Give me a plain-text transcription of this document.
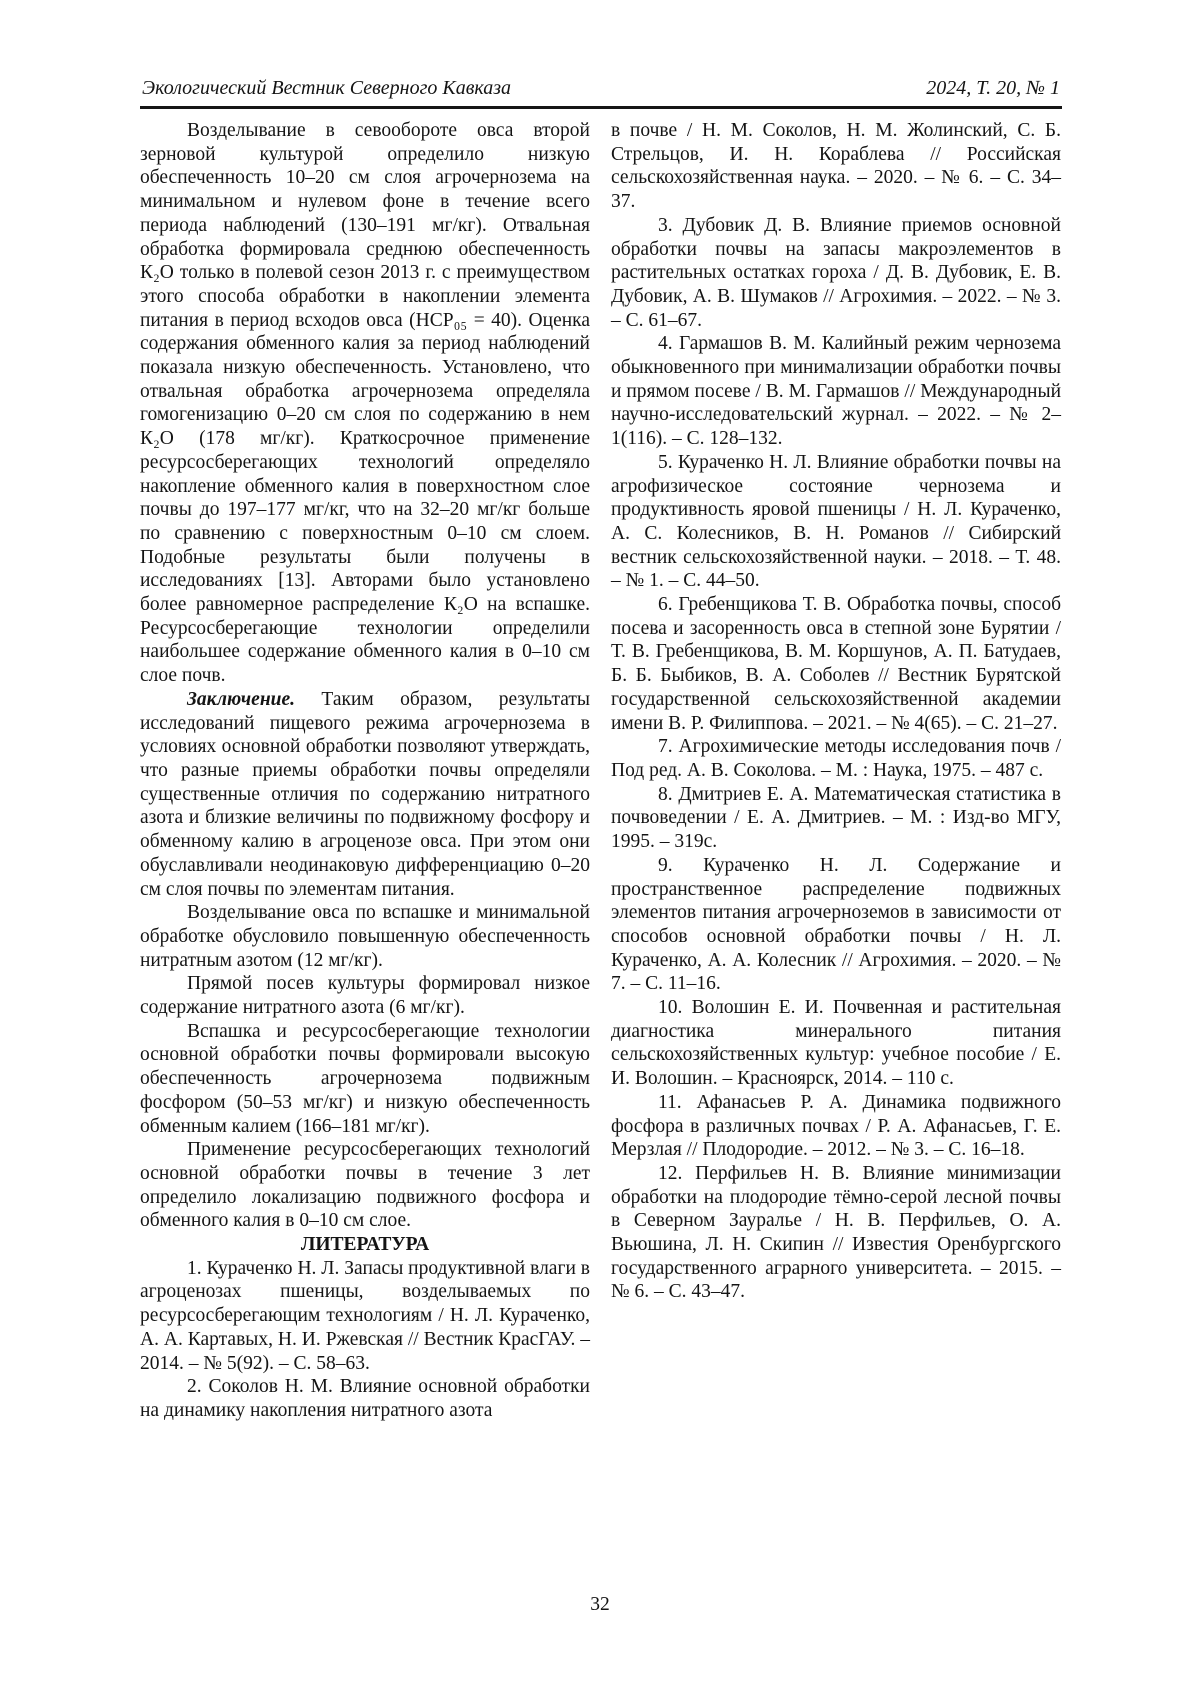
Экологический Вестник Северного Кавказа	2024, Т. 20, № 1

Возделывание в севообороте овса второй зерновой культурой определило низкую обеспеченность 10–20 см слоя агрочернозема на минимальном и нулевом фоне в течение всего периода наблюдений (130–191 мг/кг). Отвальная обработка формировала среднюю обеспеченность К₂О только в полевой сезон 2013 г. с преимуществом этого способа обработки в накоплении элемента питания в период всходов овса (НСР₀₅ = 40). Оценка содержания обменного калия за период наблюдений показала низкую обеспеченность. Установлено, что отвальная обработка агрочернозема определяла гомогенизацию 0–20 см слоя по содержанию в нем К₂О (178 мг/кг). Краткосрочное применение ресурсосберегающих технологий определяло накопление обменного калия в поверхностном слое почвы до 197–177 мг/кг, что на 32–20 мг/кг больше по сравнению с поверхностным 0–10 см слоем. Подобные результаты были получены в исследованиях [13]. Авторами было установлено более равномерное распределение К₂О на вспашке. Ресурсосберегающие технологии определили наибольшее содержание обменного калия в 0–10 см слое почв.

Заключение. Таким образом, результаты исследований пищевого режима агрочернозема в условиях основной обработки позволяют утверждать, что разные приемы обработки почвы определяли существенные отличия по содержанию нитратного азота и близкие величины по подвижному фосфору и обменному калию в агроценозе овса. При этом они обуславливали неодинаковую дифференциацию 0–20 см слоя почвы по элементам питания.

Возделывание овса по вспашке и минимальной обработке обусловило повышенную обеспеченность нитратным азотом (12 мг/кг).

Прямой посев культуры формировал низкое содержание нитратного азота (6 мг/кг).

Вспашка и ресурсосберегающие технологии основной обработки почвы формировали высокую обеспеченность агрочернозема подвижным фосфором (50–53 мг/кг) и низкую обеспеченность обменным калием (166–181 мг/кг).

Применение ресурсосберегающих технологий основной обработки почвы в течение 3 лет определило локализацию подвижного фосфора и обменного калия в 0–10 см слое.

ЛИТЕРАТУРА

1. Кураченко Н. Л. Запасы продуктивной влаги в агроценозах пшеницы, возделываемых по ресурсосберегающим технологиям / Н. Л. Кураченко, А. А. Картавых, Н. И. Ржевская // Вестник КрасГАУ. – 2014. – № 5(92). – С. 58–63.

2. Соколов Н. М. Влияние основной обработки на динамику накопления нитратного азота

в почве / Н. М. Соколов, Н. М. Жолинский, С. Б. Стрельцов, И. Н. Кораблева // Российская сельскохозяйственная наука. – 2020. – № 6. – С. 34–37.

3. Дубовик Д. В. Влияние приемов основной обработки почвы на запасы макроэлементов в растительных остатках гороха / Д. В. Дубовик, Е. В. Дубовик, А. В. Шумаков // Агрохимия. – 2022. – № 3. – С. 61–67.

4. Гармашов В. М. Калийный режим чернозема обыкновенного при минимализации обработки почвы и прямом посеве / В. М. Гармашов // Международный научно-исследовательский журнал. – 2022. – № 2–1(116). – С. 128–132.

5. Кураченко Н. Л. Влияние обработки почвы на агрофизическое состояние чернозема и продуктивность яровой пшеницы / Н. Л. Кураченко, А. С. Колесников, В. Н. Романов // Сибирский вестник сельскохозяйственной науки. – 2018. – Т. 48. – № 1. – С. 44–50.

6. Гребенщикова Т. В. Обработка почвы, способ посева и засоренность овса в степной зоне Бурятии / Т. В. Гребенщикова, В. М. Коршунов, А. П. Батудаев, Б. Б. Быбиков, В. А. Соболев // Вестник Бурятской государственной сельскохозяйственной академии имени В. Р. Филиппова. – 2021. – № 4(65). – С. 21–27.

7. Агрохимические методы исследования почв / Под ред. А. В. Соколова. – М. : Наука, 1975. – 487 с.

8. Дмитриев Е. А. Математическая статистика в почвоведении / Е. А. Дмитриев. – М. : Изд-во МГУ, 1995. – 319с.

9. Кураченко Н. Л. Содержание и пространственное распределение подвижных элементов питания агрочерноземов в зависимости от способов основной обработки почвы / Н. Л. Кураченко, А. А. Колесник // Агрохимия. – 2020. – № 7. – С. 11–16.

10. Волошин Е. И. Почвенная и растительная диагностика минерального питания сельскохозяйственных культур: учебное пособие / Е. И. Волошин. – Красноярск, 2014. – 110 с.

11. Афанасьев Р. А. Динамика подвижного фосфора в различных почвах / Р. А. Афанасьев, Г. Е. Мерзлая // Плодородие. – 2012. – № 3. – С. 16–18.

12. Перфильев Н. В. Влияние минимизации обработки на плодородие тёмно-серой лесной почвы в Северном Зауралье / Н. В. Перфильев, О. А. Вьюшина, Л. Н. Скипин // Известия Оренбургского государственного аграрного университета. – 2015. – № 6. – С. 43–47.

32
